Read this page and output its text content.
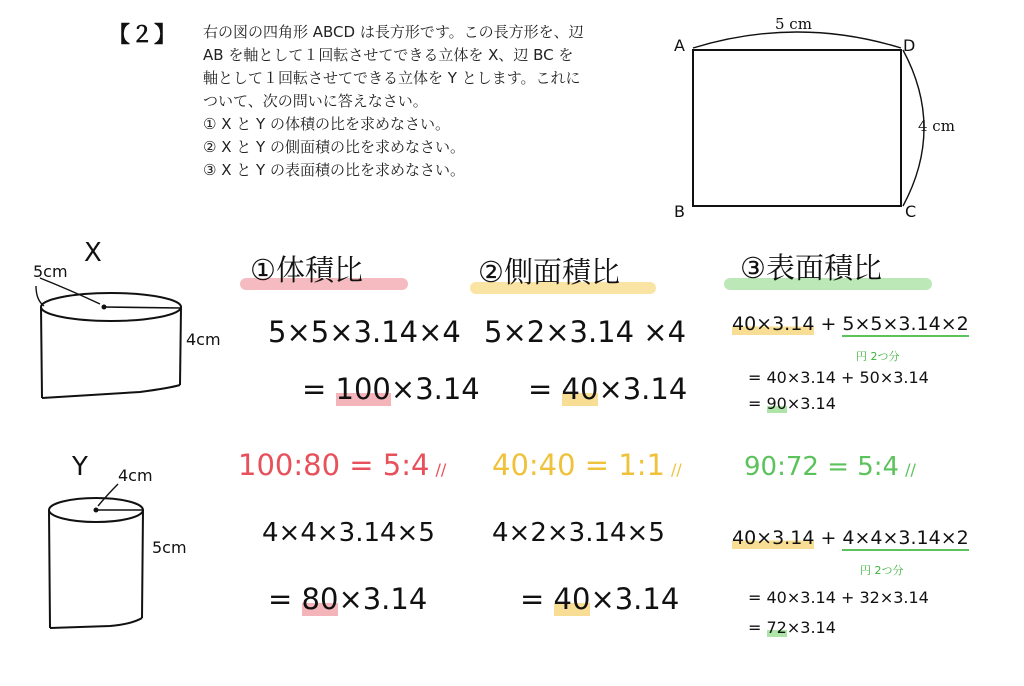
【２】 右の図の四角形 ABCD は長方形です。この長方形を、辺
AB を軸として１回転させてできる立体を X、辺 BC を
軸として１回転させてできる立体を Y とします。これに
ついて、次の問いに答えなさい。
① X と Y の体積の比を求めなさい。
② X と Y の側面積の比を求めなさい。
③ X と Y の表面積の比を求めなさい。
5 cm
4 cm
A	D
B	C
X
5cm
4cm
Y 4cm
5cm
①体積比
5×5×3.14×4
= 100×3.14
100:80 = 5:4 //
4×4×3.14×5
= 80×3.14
②側面積比
5×2×3.14 ×4
= 40×3.14
40:40 = 1:1 //
4×2×3.14×5
= 40×3.14
③表面積比
40×3.14 + 5×5×3.14×2
円 2つ分
= 40×3.14 + 50×3.14
= 90×3.14
90:72 = 5:4 //
40×3.14 + 4×4×3.14×2
円 2つ分
= 40×3.14 + 32×3.14
= 72×3.14
